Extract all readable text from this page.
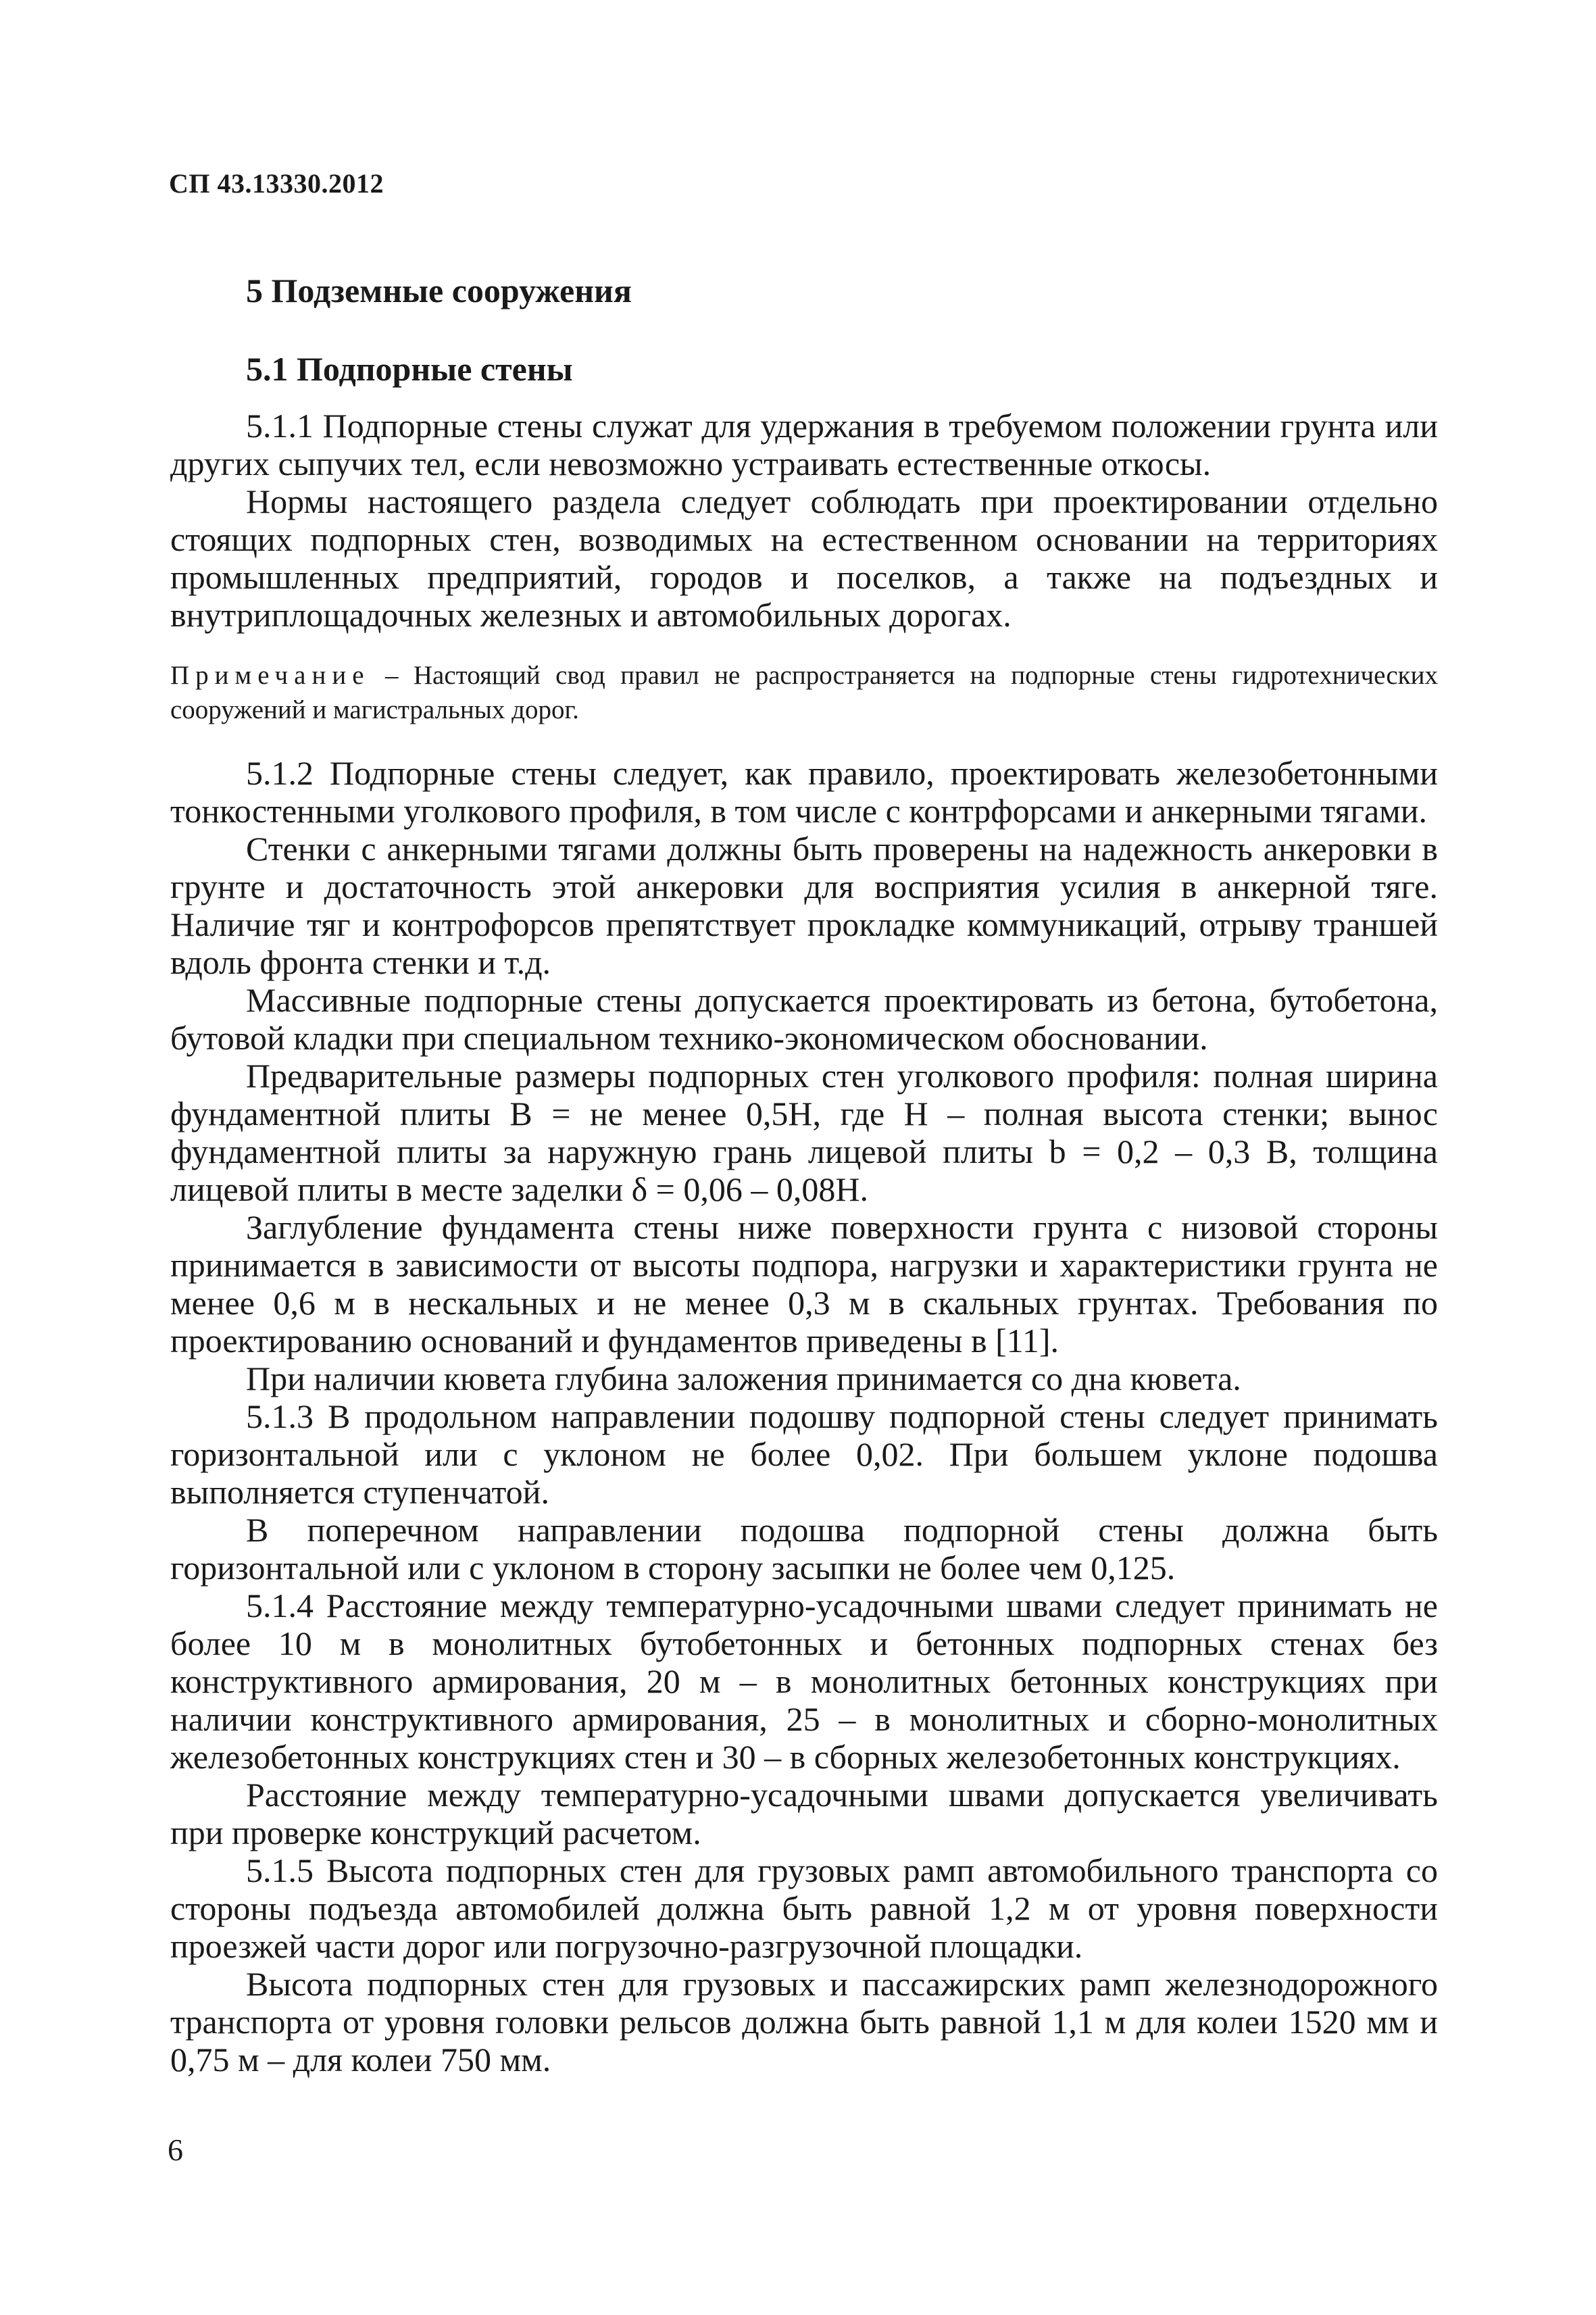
СП 43.13330.2012
5 Подземные сооружения
5.1 Подпорные стены

5.1.1 Подпорные стены служат для удержания в требуемом положении грунта или других сыпучих тел, если невозможно устраивать естественные откосы.

Нормы настоящего раздела следует соблюдать при проектировании отдельно стоящих подпорных стен, возводимых на естественном основании на территориях промышленных предприятий, городов и поселков, а также на подъездных и внутриплощадочных железных и автомобильных дорогах.

Примечание – Настоящий свод правил не распространяется на подпорные стены гидротехнических сооружений и магистральных дорог.

5.1.2 Подпорные стены следует, как правило, проектировать железобетонными тонкостенными уголкового профиля, в том числе с контрфорсами и анкерными тягами.

Стенки с анкерными тягами должны быть проверены на надежность анкеровки в грунте и достаточность этой анкеровки для восприятия усилия в анкерной тяге. Наличие тяг и контрофорсов препятствует прокладке коммуникаций, отрыву траншей вдоль фронта стенки и т.д.

Массивные подпорные стены допускается проектировать из бетона, бутобетона, бутовой кладки при специальном технико-экономическом обосновании.

Предварительные размеры подпорных стен уголкового профиля: полная ширина фундаментной плиты B = не менее 0,5H, где H – полная высота стенки; вынос фундаментной плиты за наружную грань лицевой плиты b = 0,2 – 0,3 B, толщина лицевой плиты в месте заделки δ = 0,06 – 0,08H.

Заглубление фундамента стены ниже поверхности грунта с низовой стороны принимается в зависимости от высоты подпора, нагрузки и характеристики грунта не менее 0,6 м в нескальных и не менее 0,3 м в скальных грунтах. Требования по проектированию оснований и фундаментов приведены в [11].

При наличии кювета глубина заложения принимается со дна кювета.

5.1.3 В продольном направлении подошву подпорной стены следует принимать горизонтальной или с уклоном не более 0,02. При большем уклоне подошва выполняется ступенчатой.

В поперечном направлении подошва подпорной стены должна быть горизонтальной или с уклоном в сторону засыпки не более чем 0,125.

5.1.4 Расстояние между температурно-усадочными швами следует принимать не более 10 м в монолитных бутобетонных и бетонных подпорных стенах без конструктивного армирования, 20 м – в монолитных бетонных конструкциях при наличии конструктивного армирования, 25 – в монолитных и сборно-монолитных железобетонных конструкциях стен и 30 – в сборных железобетонных конструкциях.

Расстояние между температурно-усадочными швами допускается увеличивать при проверке конструкций расчетом.

5.1.5 Высота подпорных стен для грузовых рамп автомобильного транспорта со стороны подъезда автомобилей должна быть равной 1,2 м от уровня поверхности проезжей части дорог или погрузочно-разгрузочной площадки.

Высота подпорных стен для грузовых и пассажирских рамп железнодорожного транспорта от уровня головки рельсов должна быть равной 1,1 м для колеи 1520 мм и 0,75 м – для колеи 750 мм.

6
